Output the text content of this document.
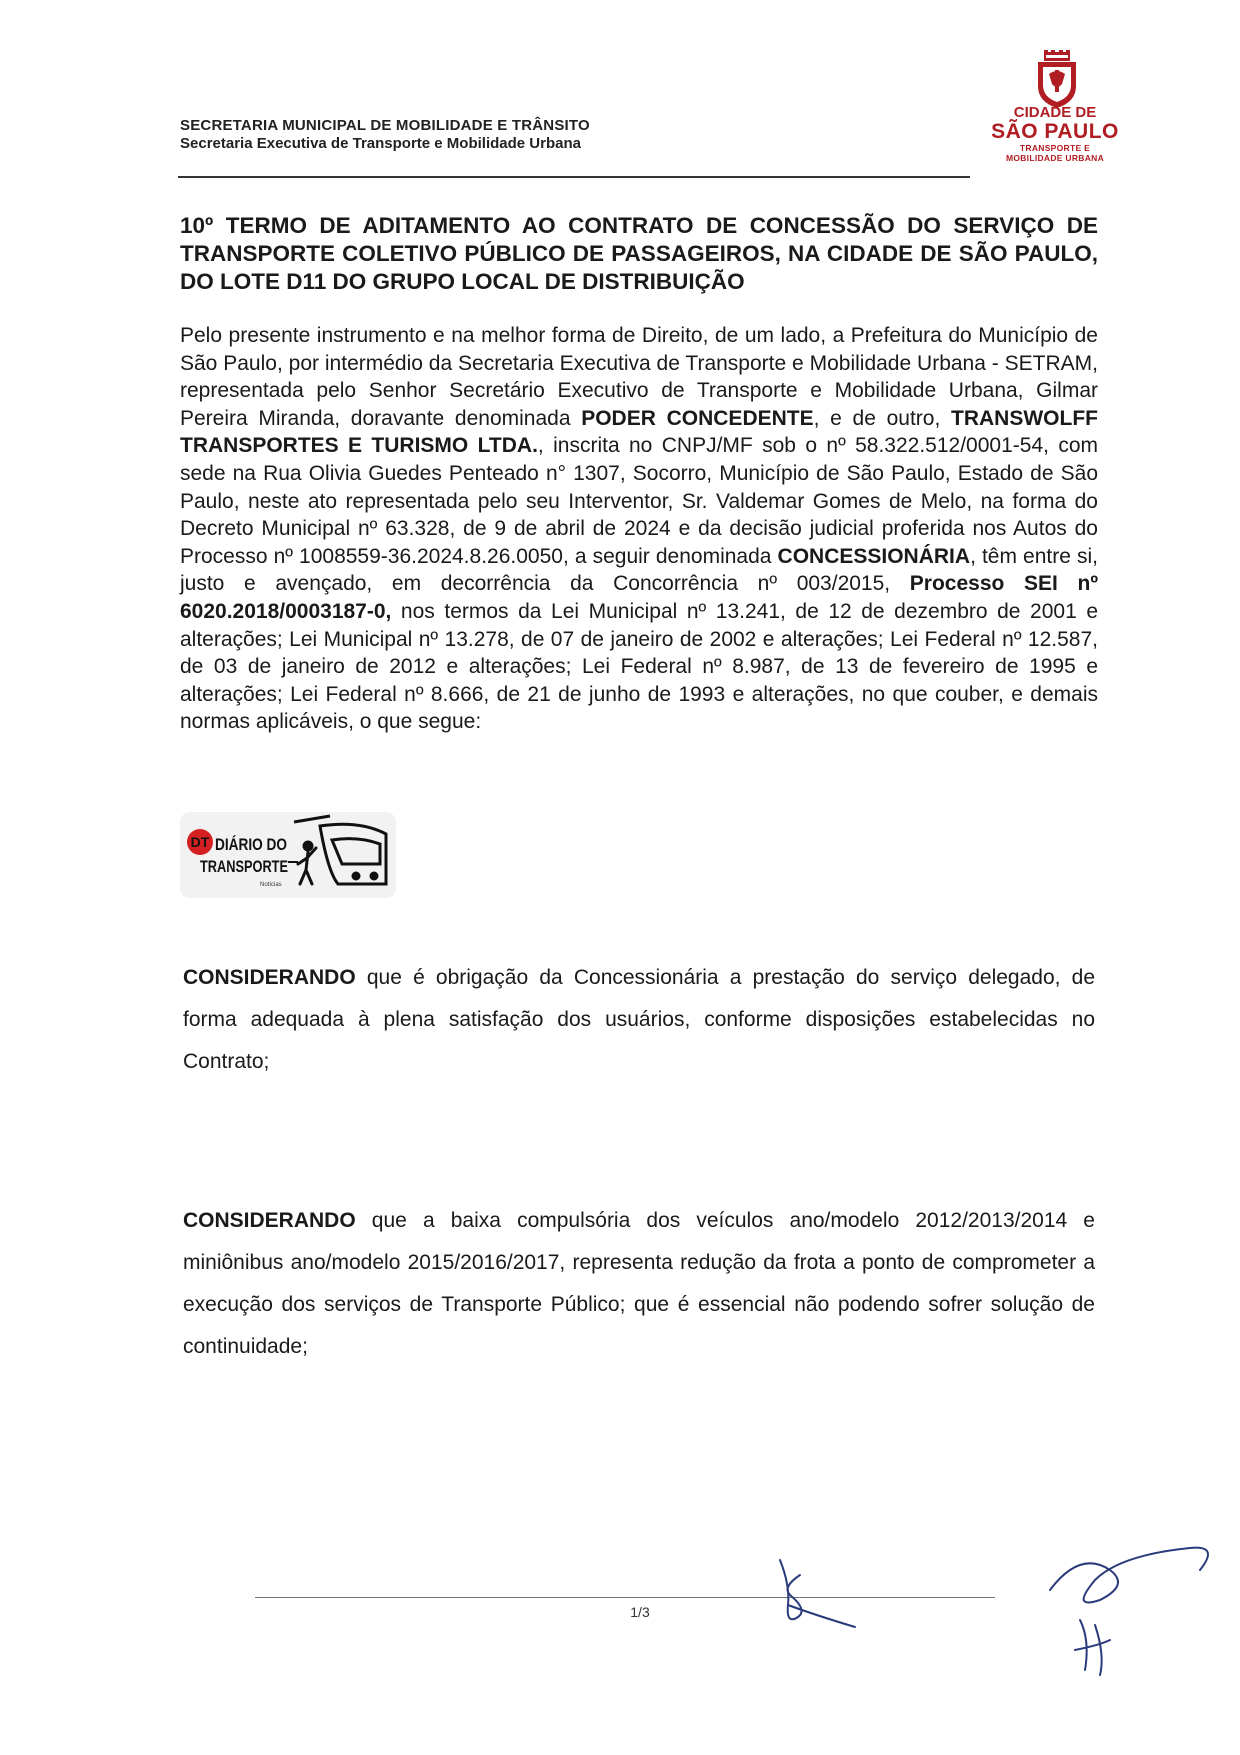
SECRETARIA MUNICIPAL DE MOBILIDADE E TRÂNSITO
Secretaria Executiva de Transporte e Mobilidade Urbana
CIDADE DE
SÃO PAULO
TRANSPORTE E
MOBILIDADE URBANA
10º TERMO DE ADITAMENTO AO CONTRATO DE CONCESSÃO DO SERVIÇO DE TRANSPORTE COLETIVO PÚBLICO DE PASSAGEIROS, NA CIDADE DE SÃO PAULO, DO LOTE D11 DO GRUPO LOCAL DE DISTRIBUIÇÃO
Pelo presente instrumento e na melhor forma de Direito, de um lado, a Prefeitura do Município de São Paulo, por intermédio da Secretaria Executiva de Transporte e Mobilidade Urbana - SETRAM, representada pelo Senhor Secretário Executivo de Transporte e Mobilidade Urbana, Gilmar Pereira Miranda, doravante denominada PODER CONCEDENTE, e de outro, TRANSWOLFF TRANSPORTES E TURISMO LTDA., inscrita no CNPJ/MF sob o nº 58.322.512/0001-54, com sede na Rua Olivia Guedes Penteado n° 1307, Socorro, Município de São Paulo, Estado de São Paulo, neste ato representada pelo seu Interventor, Sr. Valdemar Gomes de Melo, na forma do Decreto Municipal nº 63.328, de 9 de abril de 2024 e da decisão judicial proferida nos Autos do Processo nº 1008559-36.2024.8.26.0050, a seguir denominada CONCESSIONÁRIA, têm entre si, justo e avençado, em decorrência da Concorrência nº 003/2015, Processo SEI nº 6020.2018/0003187-0, nos termos da Lei Municipal nº 13.241, de 12 de dezembro de 2001 e alterações; Lei Municipal nº 13.278, de 07 de janeiro de 2002 e alterações; Lei Federal nº 12.587, de 03 de janeiro de 2012 e alterações; Lei Federal nº 8.987, de 13 de fevereiro de 1995 e alterações; Lei Federal nº 8.666, de 21 de junho de 1993 e alterações, no que couber, e demais normas aplicáveis, o que segue:
DT DIÁRIO DO
TRANSPORTE
Notícias
CONSIDERANDO que é obrigação da Concessionária a prestação do serviço delegado, de forma adequada à plena satisfação dos usuários, conforme disposições estabelecidas no Contrato;
CONSIDERANDO que a baixa compulsória dos veículos ano/modelo 2012/2013/2014 e miniônibus ano/modelo 2015/2016/2017, representa redução da frota a ponto de comprometer a execução dos serviços de Transporte Público; que é essencial não podendo sofrer solução de continuidade;
1/3
